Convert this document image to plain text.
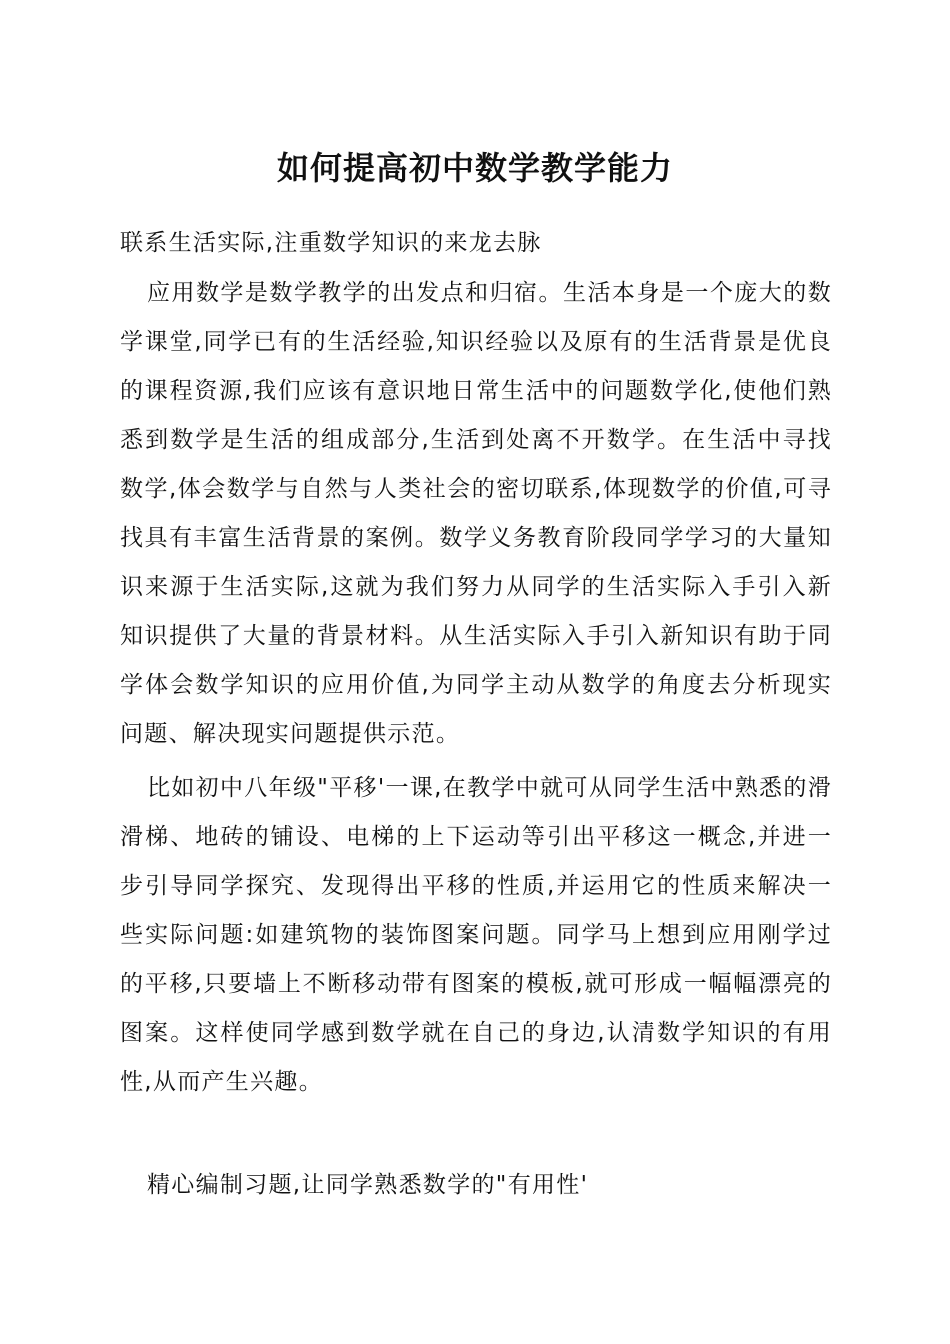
如何提高初中数学教学能力
联系生活实际,注重数学知识的来龙去脉
应用数学是数学教学的出发点和归宿。生活本身是一个庞大的数学课堂,同学已有的生活经验,知识经验以及原有的生活背景是优良的课程资源,我们应该有意识地日常生活中的问题数学化,使他们熟悉到数学是生活的组成部分,生活到处离不开数学。在生活中寻找数学,体会数学与自然与人类社会的密切联系,体现数学的价值,可寻找具有丰富生活背景的案例。数学义务教育阶段同学学习的大量知识来源于生活实际,这就为我们努力从同学的生活实际入手引入新知识提供了大量的背景材料。从生活实际入手引入新知识有助于同学体会数学知识的应用价值,为同学主动从数学的角度去分析现实问题、解决现实问题提供示范。
比如初中八年级"平移'一课,在教学中就可从同学生活中熟悉的滑滑梯、地砖的铺设、电梯的上下运动等引出平移这一概念,并进一步引导同学探究、发现得出平移的性质,并运用它的性质来解决一些实际问题:如建筑物的装饰图案问题。同学马上想到应用刚学过的平移,只要墙上不断移动带有图案的模板,就可形成一幅幅漂亮的图案。这样使同学感到数学就在自己的身边,认清数学知识的有用性,从而产生兴趣。
精心编制习题,让同学熟悉数学的"有用性'
